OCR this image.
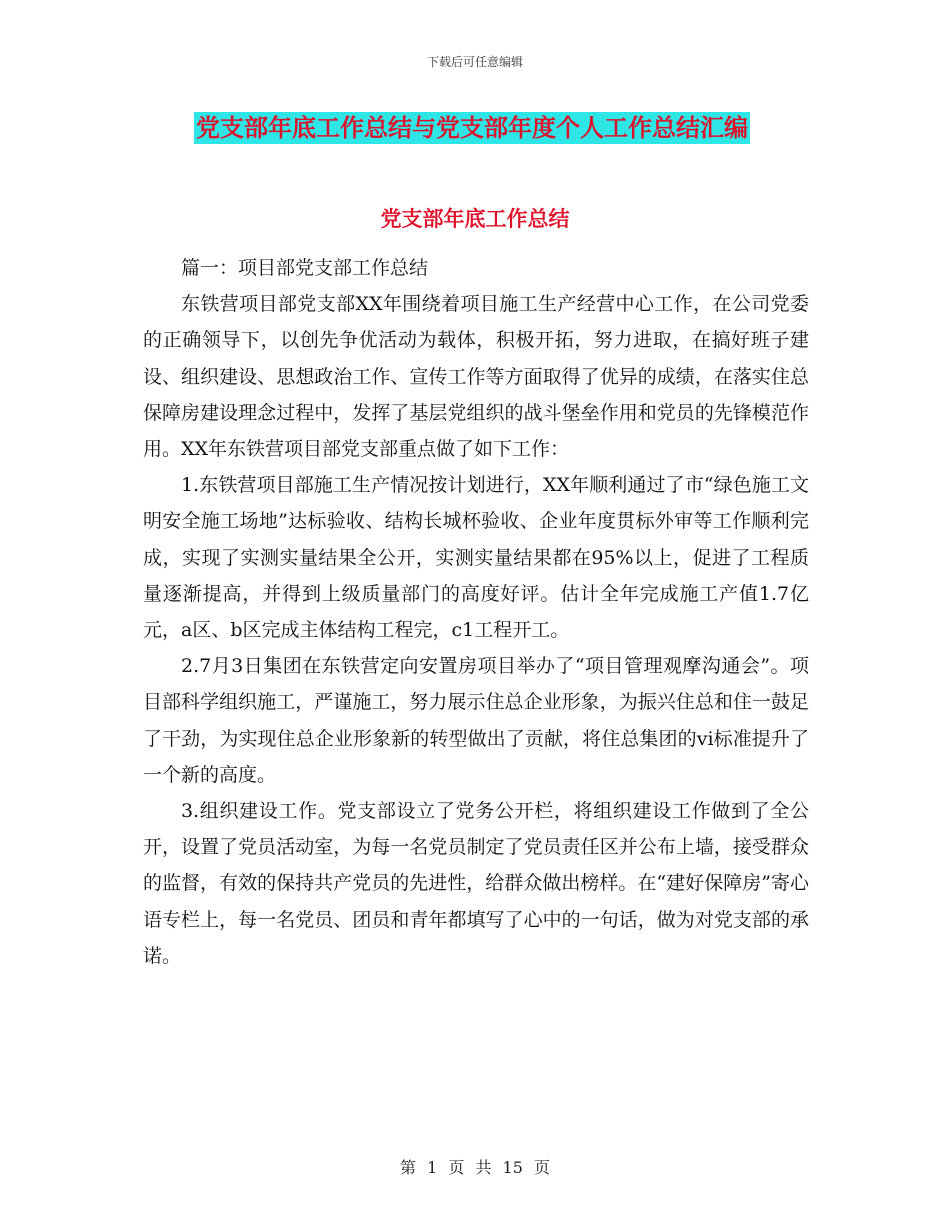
下载后可任意编辑
党支部年底工作总结与党支部年度个人工作总结汇编
党支部年底工作总结

篇一：项目部党支部工作总结

东铁营项目部党支部XX年围绕着项目施工生产经营中心工作，在公司党委的正确领导下，以创先争优活动为载体，积极开拓，努力进取，在搞好班子建设、组织建设、思想政治工作、宣传工作等方面取得了优异的成绩，在落实住总保障房建设理念过程中，发挥了基层党组织的战斗堡垒作用和党员的先锋模范作用。XX年东铁营项目部党支部重点做了如下工作：

1.东铁营项目部施工生产情况按计划进行，XX年顺利通过了市“绿色施工文明安全施工场地”达标验收、结构长城杯验收、企业年度贯标外审等工作顺利完成，实现了实测实量结果全公开，实测实量结果都在95%以上，促进了工程质量逐渐提高，并得到上级质量部门的高度好评。估计全年完成施工产值1.7亿元，a区、b区完成主体结构工程完，c1工程开工。

2.7月3日集团在东铁营定向安置房项目举办了“项目管理观摩沟通会”。项目部科学组织施工，严谨施工，努力展示住总企业形象，为振兴住总和住一鼓足了干劲，为实现住总企业形象新的转型做出了贡献，将住总集团的vi标准提升了一个新的高度。

3.组织建设工作。党支部设立了党务公开栏，将组织建设工作做到了全公开，设置了党员活动室，为每一名党员制定了党员责任区并公布上墙，接受群众的监督，有效的保持共产党员的先进性，给群众做出榜样。在“建好保障房”寄心语专栏上，每一名党员、团员和青年都填写了心中的一句话，做为对党支部的承诺。

第 1 页 共 15 页
